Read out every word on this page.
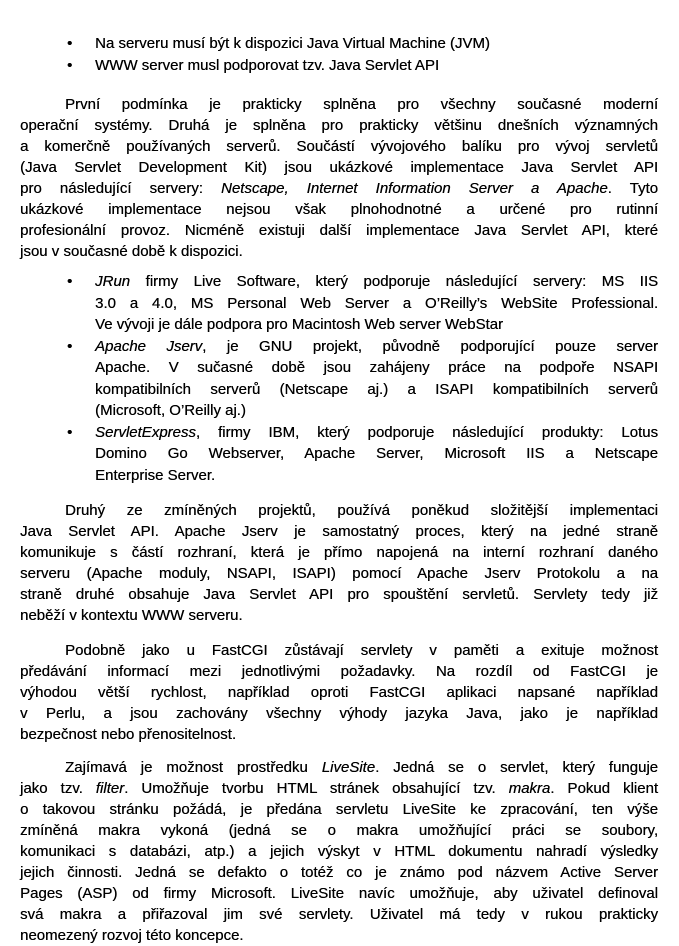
• Na serveru musí být k dispozici Java Virtual Machine (JVM)
• WWW server musl podporovat tzv. Java Servlet API
První podmínka je prakticky splněna pro všechny současné moderní
operační systémy. Druhá je splněna pro prakticky většinu dnešních významných
a komerčně používaných serverů. Součástí vývojového balíku pro vývoj servletů
(Java Servlet Development Kit) jsou ukázkové implementace Java Servlet API
pro následující servery: Netscape, Internet Information Server a Apache. Tyto
ukázkové implementace nejsou však plnohodnotné a určené pro rutinní
profesionální provoz. Nicméně existuji další implementace Java Servlet API, které
jsou v současné době k dispozici.
• JRun firmy Live Software, který podporuje následující servery: MS IIS
3.0 a 4.0, MS Personal Web Server a O’Reilly’s WebSite Professional.
Ve vývoji je dále podpora pro Macintosh Web server WebStar
• Apache Jserv, je GNU projekt, původně podporující pouze server
Apache. V sučasné době jsou zahájeny práce na podpoře NSAPI
kompatibilních serverů (Netscape aj.) a ISAPI kompatibilních serverů
(Microsoft, O’Reilly aj.)
• ServletExpress, firmy IBM, který podporuje následující produkty: Lotus
Domino Go Webserver, Apache Server, Microsoft IIS a Netscape
Enterprise Server.
Druhý ze zmíněných projektů, používá poněkud složitější implementaci
Java Servlet API. Apache Jserv je samostatný proces, který na jedné straně
komunikuje s částí rozhraní, která je přímo napojená na interní rozhraní daného
serveru (Apache moduly, NSAPI, ISAPI) pomocí Apache Jserv Protokolu a na
straně druhé obsahuje Java Servlet API pro spouštění servletů. Servlety tedy již
neběží v kontextu WWW serveru.
Podobně jako u FastCGI zůstávají servlety v paměti a exituje možnost
předávání informací mezi jednotlivými požadavky. Na rozdíl od FastCGI je
výhodou větší rychlost, například oproti FastCGI aplikaci napsané například
v Perlu, a jsou zachovány všechny výhody jazyka Java, jako je například
bezpečnost nebo přenositelnost.
Zajímavá je možnost prostředku LiveSite. Jedná se o servlet, který funguje
jako tzv. filter. Umožňuje tvorbu HTML stránek obsahující tzv. makra. Pokud klient
o takovou stránku požádá, je předána servletu LiveSite ke zpracování, ten výše
zmíněná makra vykoná (jedná se o makra umožňující práci se soubory,
komunikaci s databázi, atp.) a jejich výskyt v HTML dokumentu nahradí výsledky
jejich činnosti. Jedná se defakto o totéž co je známo pod názvem Active Server
Pages (ASP) od firmy Microsoft. LiveSite navíc umožňuje, aby uživatel definoval
svá makra a přiřazoval jim své servlety. Uživatel má tedy v rukou prakticky
neomezený rozvoj této koncepce.
